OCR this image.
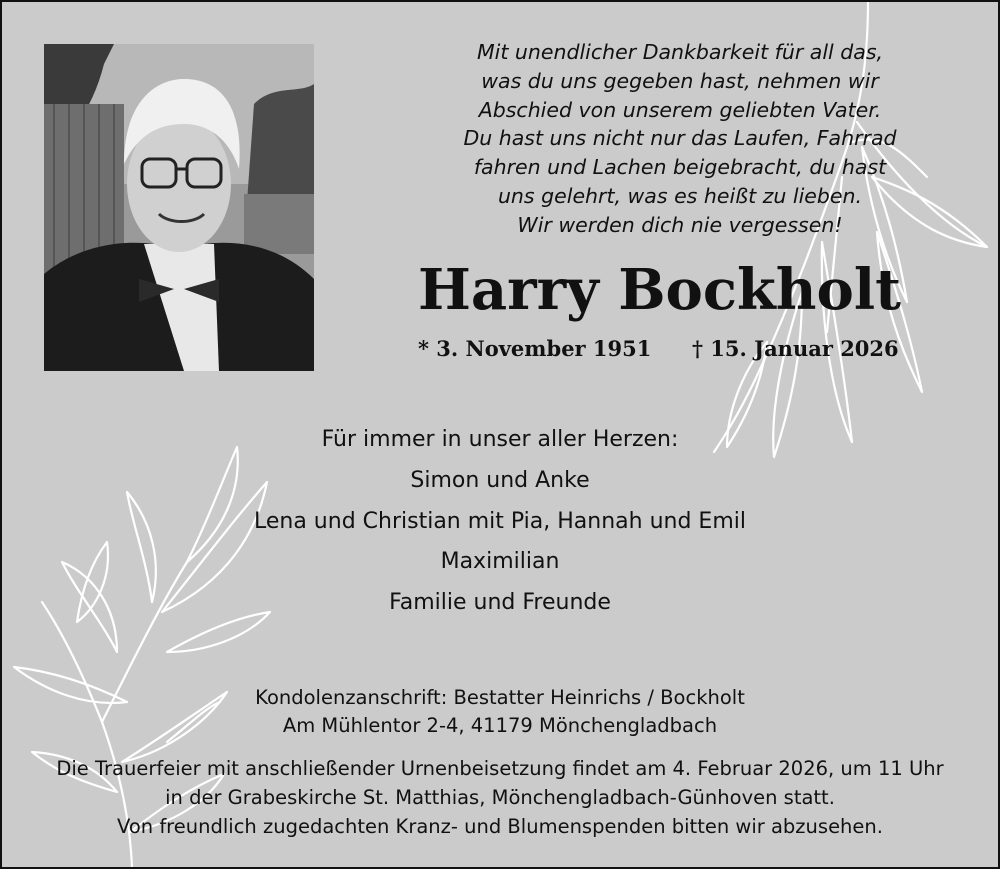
Mit unendlicher Dankbarkeit für all das,
was du uns gegeben hast, nehmen wir
Abschied von unserem geliebten Vater.
Du hast uns nicht nur das Laufen, Fahrrad
fahren und Lachen beigebracht, du hast
uns gelehrt, was es heißt zu lieben.
Wir werden dich nie vergessen!
Harry Bockholt
* 3. November 1951 † 15. Januar 2026
Für immer in unser aller Herzen:
Simon und Anke
Lena und Christian mit Pia, Hannah und Emil
Maximilian
Familie und Freunde
Kondolenzanschrift: Bestatter Heinrichs / Bockholt
Am Mühlentor 2-4, 41179 Mönchengladbach
Die Trauerfeier mit anschließender Urnenbeisetzung findet am 4. Februar 2026, um 11 Uhr
in der Grabeskirche St. Matthias, Mönchengladbach-Günhoven statt.
Von freundlich zugedachten Kranz- und Blumenspenden bitten wir abzusehen.
